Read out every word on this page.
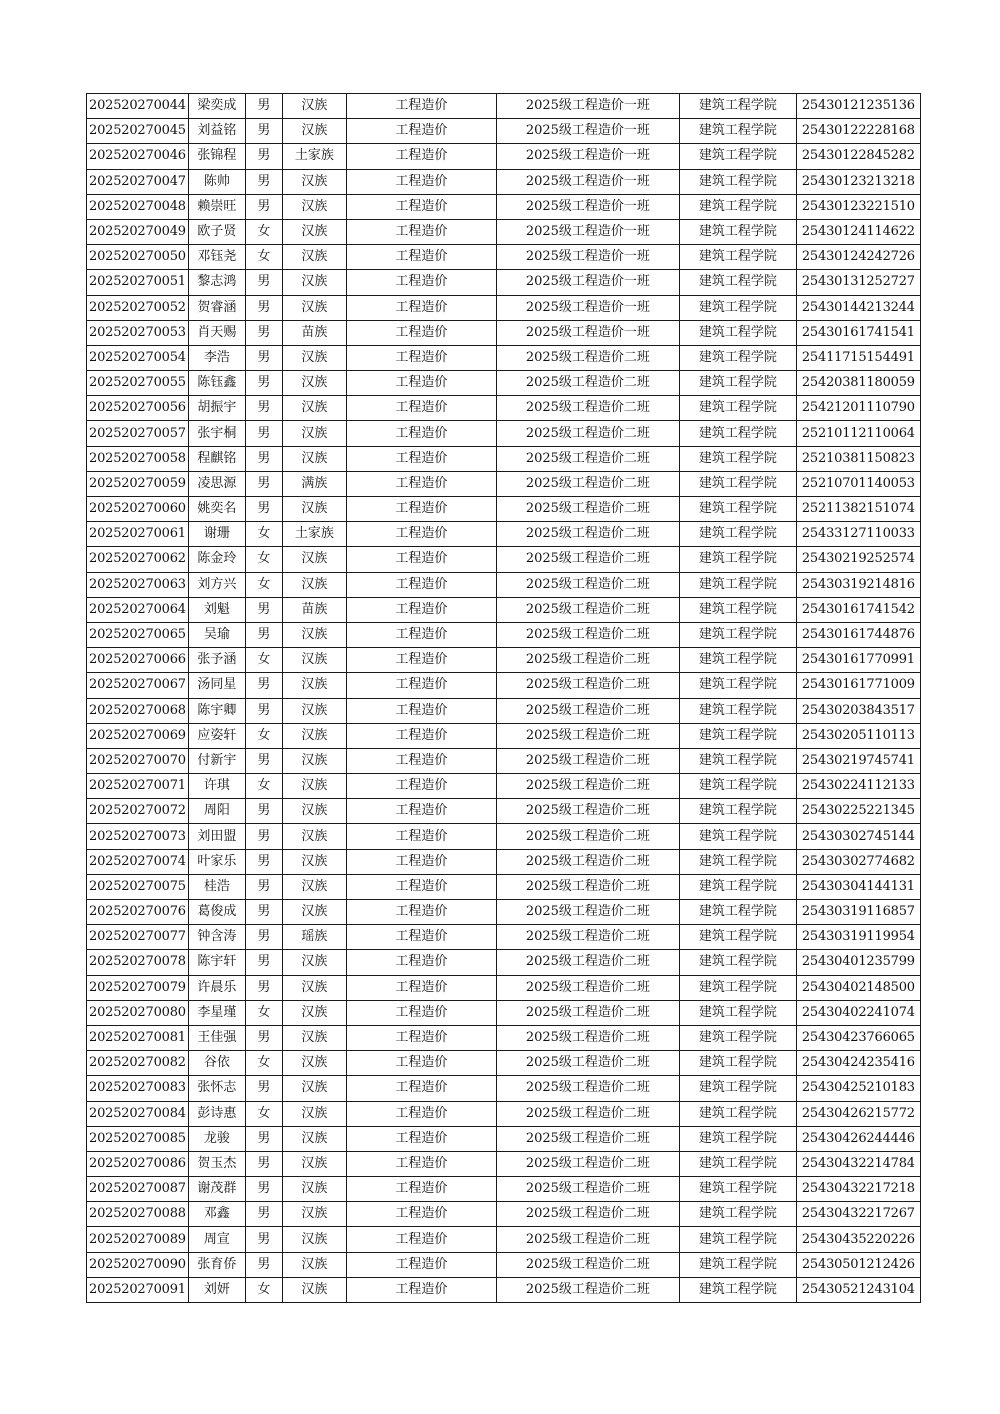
202520270044	梁奕成	男	汉族	工程造价	2025级工程造价一班	建筑工程学院	25430121235136
202520270045	刘益铭	男	汉族	工程造价	2025级工程造价一班	建筑工程学院	25430122228168
202520270046	张锦程	男	土家族	工程造价	2025级工程造价一班	建筑工程学院	25430122845282
202520270047	陈帅	男	汉族	工程造价	2025级工程造价一班	建筑工程学院	25430123213218
202520270048	赖崇旺	男	汉族	工程造价	2025级工程造价一班	建筑工程学院	25430123221510
202520270049	欧子贤	女	汉族	工程造价	2025级工程造价一班	建筑工程学院	25430124114622
202520270050	邓钰尧	女	汉族	工程造价	2025级工程造价一班	建筑工程学院	25430124242726
202520270051	黎志鸿	男	汉族	工程造价	2025级工程造价一班	建筑工程学院	25430131252727
202520270052	贺睿涵	男	汉族	工程造价	2025级工程造价一班	建筑工程学院	25430144213244
202520270053	肖天赐	男	苗族	工程造价	2025级工程造价一班	建筑工程学院	25430161741541
202520270054	李浩	男	汉族	工程造价	2025级工程造价二班	建筑工程学院	25411715154491
202520270055	陈钰鑫	男	汉族	工程造价	2025级工程造价二班	建筑工程学院	25420381180059
202520270056	胡振宇	男	汉族	工程造价	2025级工程造价二班	建筑工程学院	25421201110790
202520270057	张宇桐	男	汉族	工程造价	2025级工程造价二班	建筑工程学院	25210112110064
202520270058	程麒铭	男	汉族	工程造价	2025级工程造价二班	建筑工程学院	25210381150823
202520270059	凌思源	男	满族	工程造价	2025级工程造价二班	建筑工程学院	25210701140053
202520270060	姚奕名	男	汉族	工程造价	2025级工程造价二班	建筑工程学院	25211382151074
202520270061	谢珊	女	土家族	工程造价	2025级工程造价二班	建筑工程学院	25433127110033
202520270062	陈金玲	女	汉族	工程造价	2025级工程造价二班	建筑工程学院	25430219252574
202520270063	刘方兴	女	汉族	工程造价	2025级工程造价二班	建筑工程学院	25430319214816
202520270064	刘魁	男	苗族	工程造价	2025级工程造价二班	建筑工程学院	25430161741542
202520270065	吴瑜	男	汉族	工程造价	2025级工程造价二班	建筑工程学院	25430161744876
202520270066	张予涵	女	汉族	工程造价	2025级工程造价二班	建筑工程学院	25430161770991
202520270067	汤同星	男	汉族	工程造价	2025级工程造价二班	建筑工程学院	25430161771009
202520270068	陈宇卿	男	汉族	工程造价	2025级工程造价二班	建筑工程学院	25430203843517
202520270069	应姿轩	女	汉族	工程造价	2025级工程造价二班	建筑工程学院	25430205110113
202520270070	付新宇	男	汉族	工程造价	2025级工程造价二班	建筑工程学院	25430219745741
202520270071	许琪	女	汉族	工程造价	2025级工程造价二班	建筑工程学院	25430224112133
202520270072	周阳	男	汉族	工程造价	2025级工程造价二班	建筑工程学院	25430225221345
202520270073	刘田盟	男	汉族	工程造价	2025级工程造价二班	建筑工程学院	25430302745144
202520270074	叶家乐	男	汉族	工程造价	2025级工程造价二班	建筑工程学院	25430302774682
202520270075	桂浩	男	汉族	工程造价	2025级工程造价二班	建筑工程学院	25430304144131
202520270076	葛俊成	男	汉族	工程造价	2025级工程造价二班	建筑工程学院	25430319116857
202520270077	钟含涛	男	瑶族	工程造价	2025级工程造价二班	建筑工程学院	25430319119954
202520270078	陈宇轩	男	汉族	工程造价	2025级工程造价二班	建筑工程学院	25430401235799
202520270079	许晨乐	男	汉族	工程造价	2025级工程造价二班	建筑工程学院	25430402148500
202520270080	李星瑾	女	汉族	工程造价	2025级工程造价二班	建筑工程学院	25430402241074
202520270081	王佳强	男	汉族	工程造价	2025级工程造价二班	建筑工程学院	25430423766065
202520270082	谷依	女	汉族	工程造价	2025级工程造价二班	建筑工程学院	25430424235416
202520270083	张怀志	男	汉族	工程造价	2025级工程造价二班	建筑工程学院	25430425210183
202520270084	彭诗惠	女	汉族	工程造价	2025级工程造价二班	建筑工程学院	25430426215772
202520270085	龙骏	男	汉族	工程造价	2025级工程造价二班	建筑工程学院	25430426244446
202520270086	贺玉杰	男	汉族	工程造价	2025级工程造价二班	建筑工程学院	25430432214784
202520270087	谢茂群	男	汉族	工程造价	2025级工程造价二班	建筑工程学院	25430432217218
202520270088	邓鑫	男	汉族	工程造价	2025级工程造价二班	建筑工程学院	25430432217267
202520270089	周宣	男	汉族	工程造价	2025级工程造价二班	建筑工程学院	25430435220226
202520270090	张育侨	男	汉族	工程造价	2025级工程造价二班	建筑工程学院	25430501212426
202520270091	刘妍	女	汉族	工程造价	2025级工程造价二班	建筑工程学院	25430521243104
